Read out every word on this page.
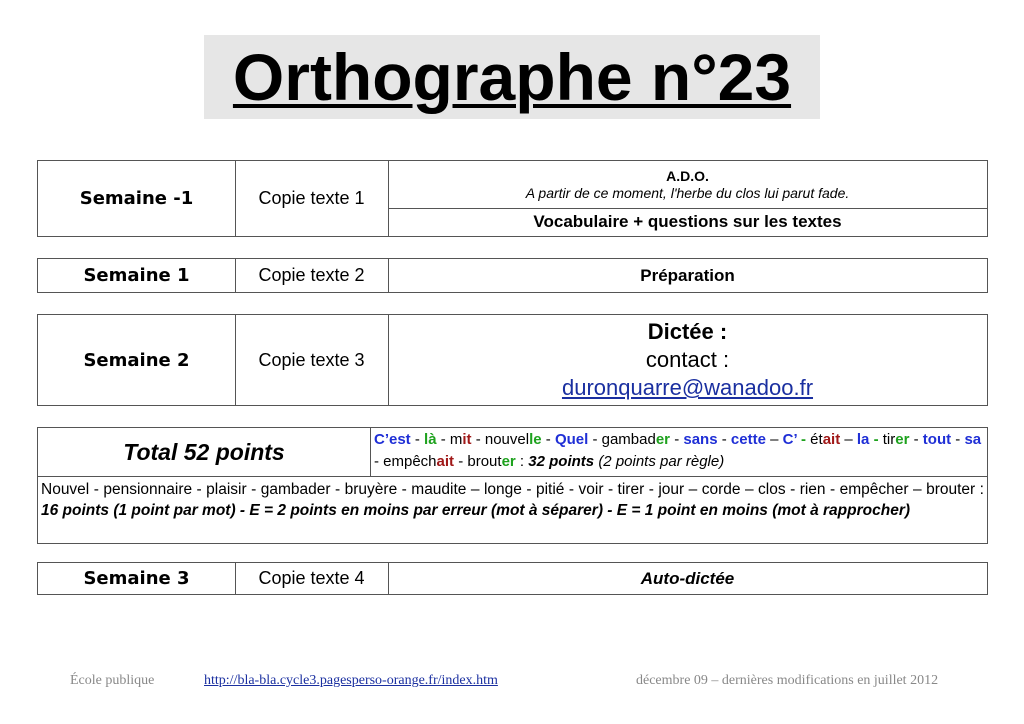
Orthographe n°23
Semaine -1	Copie texte 1
A.D.O.
A partir de ce moment, l'herbe du clos lui parut fade.
Vocabulaire + questions sur les textes
Semaine 1	Copie texte 2	Préparation
Semaine 2	Copie texte 3
Dictée :
contact :
duronquarre@wanadoo.fr
Total 52 points	C’est - là - mit - nouvelle - Quel - gambader - sans - cette – C’ - était – la - tirer - tout - sa - empêchait - brouter : 32 points (2 points par règle)
Nouvel - pensionnaire - plaisir - gambader - bruyère - maudite – longe - pitié - voir - tirer - jour – corde – clos - rien - empêcher – brouter : 16 points (1 point par mot) - E = 2 points en moins par erreur (mot à séparer) - E = 1 point en moins (mot à rapprocher)
Semaine 3	Copie texte 4	Auto-dictée
École publique	http://bla-bla.cycle3.pagesperso-orange.fr/index.htm	décembre 09 – dernières modifications en juillet 2012
